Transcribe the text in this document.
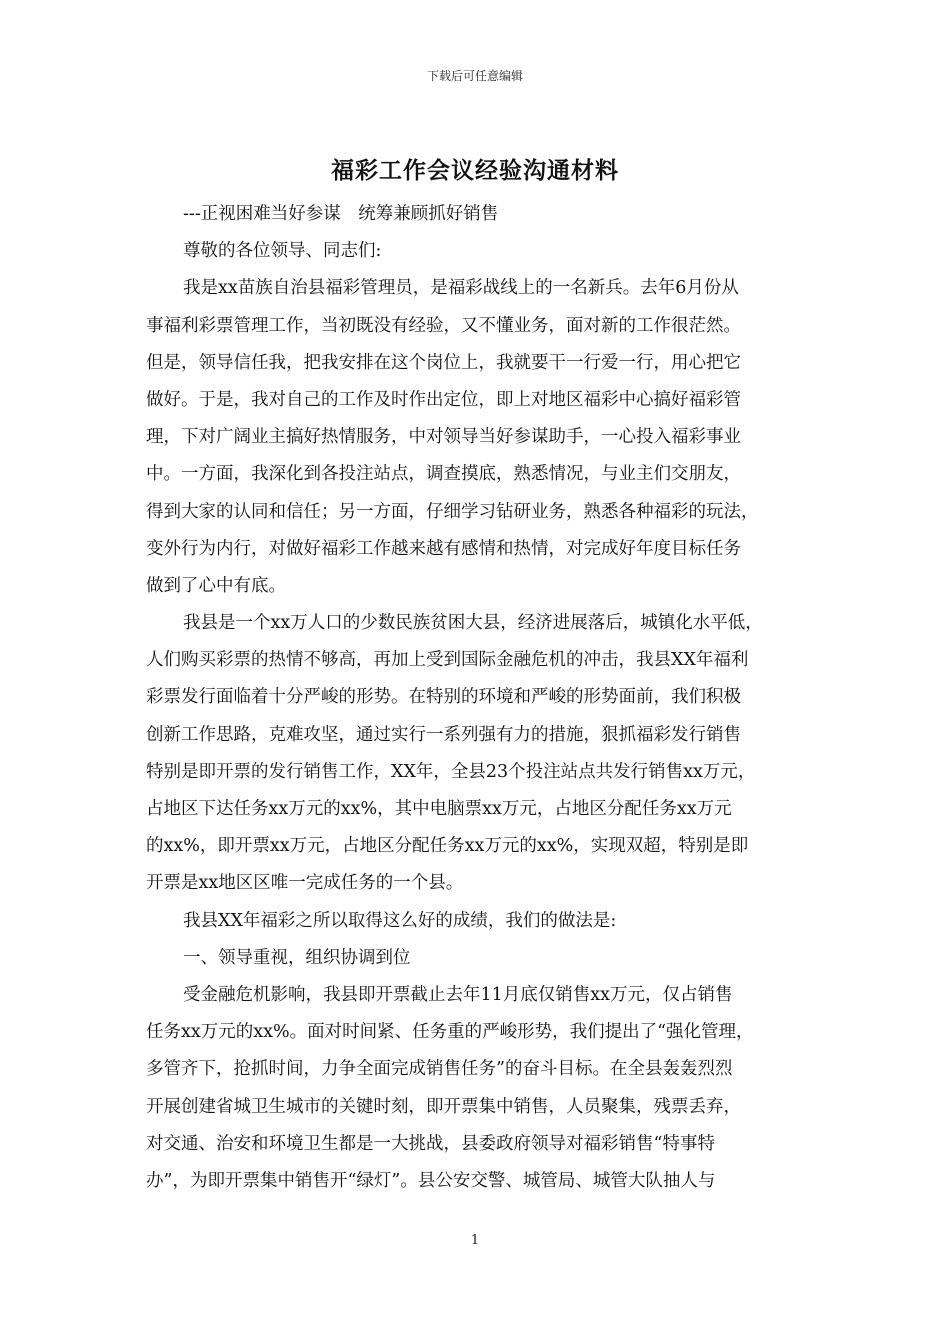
下载后可任意编辑
福彩工作会议经验沟通材料
---正视困难当好参谋　统筹兼顾抓好销售
尊敬的各位领导、同志们:
我是xx苗族自治县福彩管理员，是福彩战线上的一名新兵。去年6月份从
事福利彩票管理工作，当初既没有经验，又不懂业务，面对新的工作很茫然。
但是，领导信任我，把我安排在这个岗位上，我就要干一行爱一行，用心把它
做好。于是，我对自己的工作及时作出定位，即上对地区福彩中心搞好福彩管
理，下对广阔业主搞好热情服务，中对领导当好参谋助手，一心投入福彩事业
中。一方面，我深化到各投注站点，调查摸底，熟悉情况，与业主们交朋友，
得到大家的认同和信任；另一方面，仔细学习钻研业务，熟悉各种福彩的玩法，
变外行为内行，对做好福彩工作越来越有感情和热情，对完成好年度目标任务
做到了心中有底。
我县是一个xx万人口的少数民族贫困大县，经济进展落后，城镇化水平低，
人们购买彩票的热情不够高，再加上受到国际金融危机的冲击，我县XX年福利
彩票发行面临着十分严峻的形势。在特别的环境和严峻的形势面前，我们积极
创新工作思路，克难攻坚，通过实行一系列强有力的措施，狠抓福彩发行销售
特别是即开票的发行销售工作，XX年，全县23个投注站点共发行销售xx万元，
占地区下达任务xx万元的xx%，其中电脑票xx万元，占地区分配任务xx万元
的xx%，即开票xx万元，占地区分配任务xx万元的xx%，实现双超，特别是即
开票是xx地区区唯一完成任务的一个县。
我县XX年福彩之所以取得这么好的成绩，我们的做法是:
一、领导重视，组织协调到位
受金融危机影响，我县即开票截止去年11月底仅销售xx万元，仅占销售
任务xx万元的xx%。面对时间紧、任务重的严峻形势，我们提出了“强化管理，
多管齐下，抢抓时间，力争全面完成销售任务”的奋斗目标。在全县轰轰烈烈
开展创建省城卫生城市的关键时刻，即开票集中销售，人员聚集，残票丢弃，
对交通、治安和环境卫生都是一大挑战，县委政府领导对福彩销售“特事特
办”，为即开票集中销售开“绿灯”。县公安交警、城管局、城管大队抽人与
1
